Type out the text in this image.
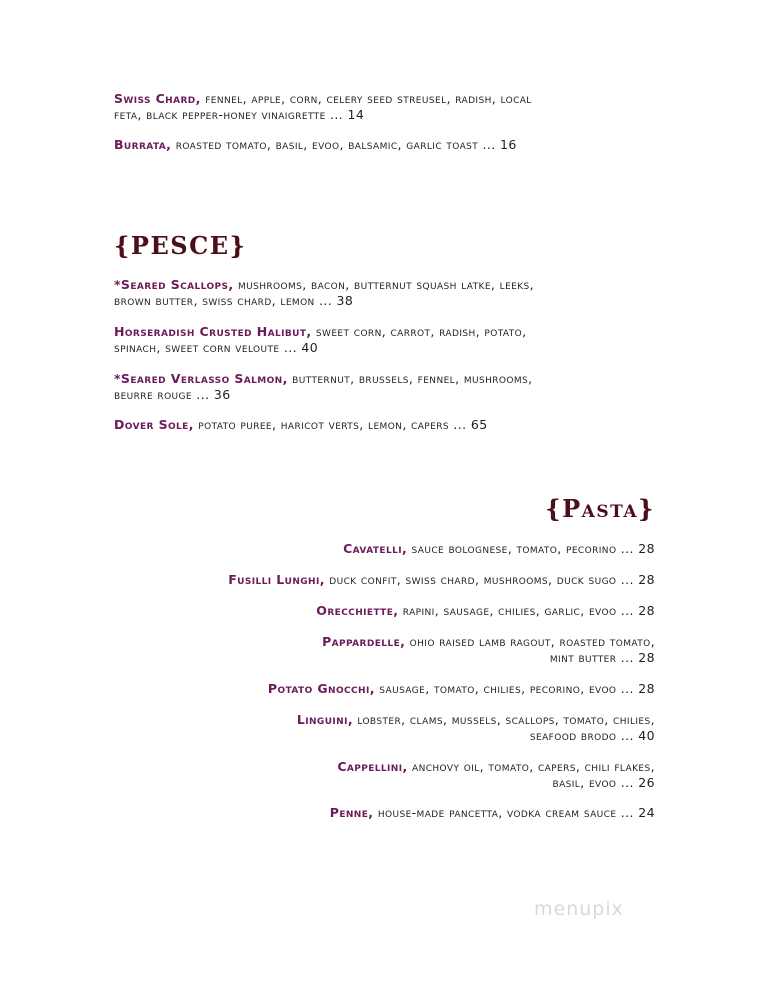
Swiss Chard, fennel, apple, corn, celery seed streusel, radish, local
feta, black pepper-honey vinaigrette ... 14
Burrata, roasted tomato, basil, evoo, balsamic, garlic toast ... 16
{PESCE}
*Seared Scallops, mushrooms, bacon, butternut squash latke, leeks,
brown butter, swiss chard, lemon ... 38
Horseradish Crusted Halibut, sweet corn, carrot, radish, potato,
spinach, sweet corn veloute ... 40
*Seared Verlasso Salmon, butternut, brussels, fennel, mushrooms,
beurre rouge ... 36
Dover Sole, potato puree, haricot verts, lemon, capers ... 65
{Pasta}
Cavatelli, sauce bolognese, tomato, pecorino ... 28
Fusilli Lunghi, duck confit, swiss chard, mushrooms, duck sugo ... 28
Orecchiette, rapini, sausage, chilies, garlic, evoo ... 28
Pappardelle, ohio raised lamb ragout, roasted tomato,
mint butter ... 28
Potato Gnocchi, sausage, tomato, chilies, pecorino, evoo ... 28
Linguini, lobster, clams, mussels, scallops, tomato, chilies,
seafood brodo ... 40
Cappellini, anchovy oil, tomato, capers, chili flakes,
basil, evoo ... 26
Penne, house-made pancetta, vodka cream sauce ... 24
menupix
